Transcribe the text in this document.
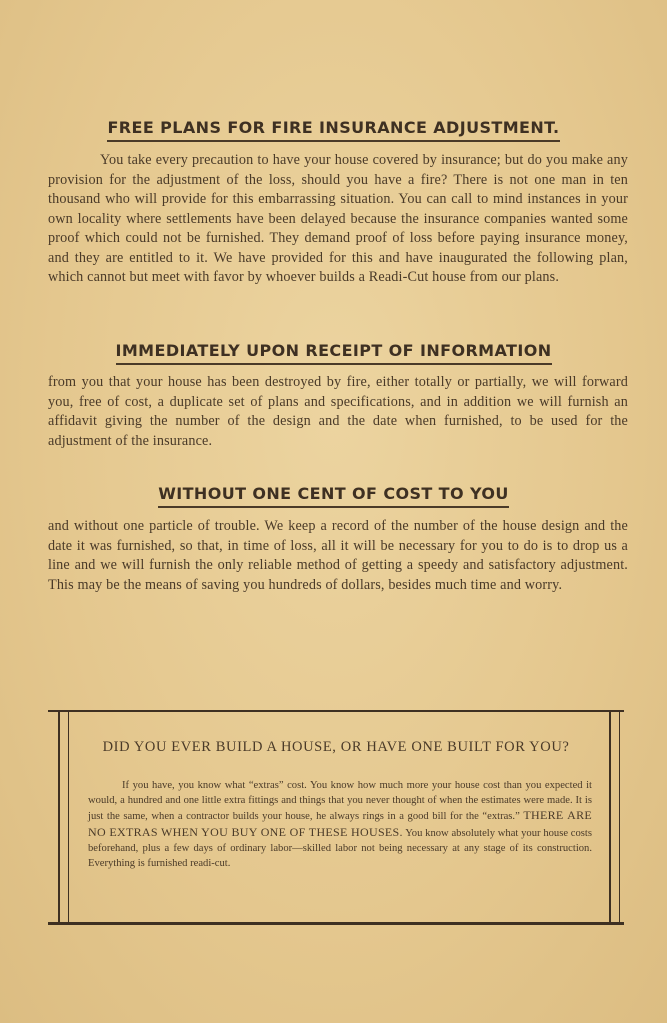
FREE PLANS FOR FIRE INSURANCE ADJUSTMENT.

You take every precaution to have your house covered by insurance; but do you make any provision for the adjustment of the loss, should you have a fire? There is not one man in ten thousand who will provide for this embarrassing situation. You can call to mind instances in your own locality where settlements have been delayed because the insurance companies wanted some proof which could not be furnished. They demand proof of loss before paying insurance money, and they are entitled to it. We have provided for this and have inaugurated the following plan, which cannot but meet with favor by whoever builds a Readi-Cut house from our plans.

IMMEDIATELY UPON RECEIPT OF INFORMATION

from you that your house has been destroyed by fire, either totally or partially, we will forward you, free of cost, a duplicate set of plans and specifications, and in addition we will furnish an affidavit giving the number of the design and the date when furnished, to be used for the adjustment of the insurance.

WITHOUT ONE CENT OF COST TO YOU

and without one particle of trouble. We keep a record of the number of the house design and the date it was furnished, so that, in time of loss, all it will be necessary for you to do is to drop us a line and we will furnish the only reliable method of getting a speedy and satisfactory adjustment. This may be the means of saving you hundreds of dollars, besides much time and worry.

DID YOU EVER BUILD A HOUSE, OR HAVE ONE BUILT FOR YOU?

If you have, you know what “extras” cost. You know how much more your house cost than you expected it would, a hundred and one little extra fittings and things that you never thought of when the estimates were made. It is just the same, when a contractor builds your house, he always rings in a good bill for the “extras.” THERE ARE NO EXTRAS WHEN YOU BUY ONE OF THESE HOUSES. You know absolutely what your house costs beforehand, plus a few days of ordinary labor—skilled labor not being necessary at any stage of its construction. Everything is furnished readi-cut.
